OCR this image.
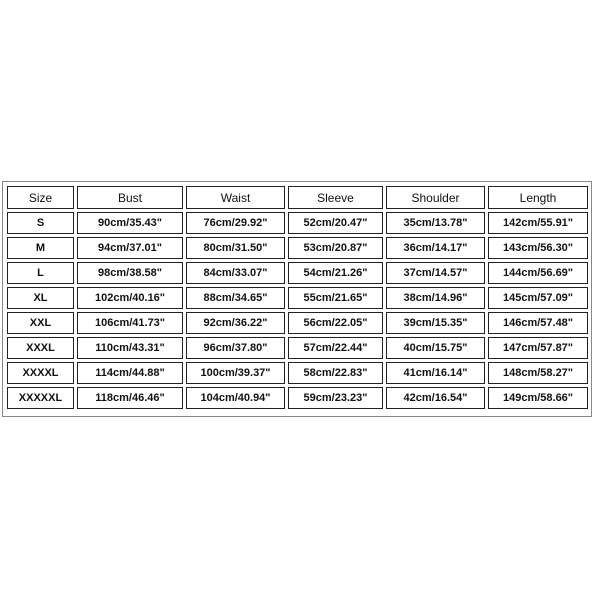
Size	Bust	Waist	Sleeve	Shoulder	Length
S	90cm/35.43"	76cm/29.92"	52cm/20.47"	35cm/13.78"	142cm/55.91"
M	94cm/37.01"	80cm/31.50"	53cm/20.87"	36cm/14.17"	143cm/56.30"
L	98cm/38.58"	84cm/33.07"	54cm/21.26"	37cm/14.57"	144cm/56.69"
XL	102cm/40.16"	88cm/34.65"	55cm/21.65"	38cm/14.96"	145cm/57.09"
XXL	106cm/41.73"	92cm/36.22"	56cm/22.05"	39cm/15.35"	146cm/57.48"
XXXL	110cm/43.31"	96cm/37.80"	57cm/22.44"	40cm/15.75"	147cm/57.87"
XXXXL	114cm/44.88"	100cm/39.37"	58cm/22.83"	41cm/16.14"	148cm/58.27"
XXXXXL	118cm/46.46"	104cm/40.94"	59cm/23.23"	42cm/16.54"	149cm/58.66"
